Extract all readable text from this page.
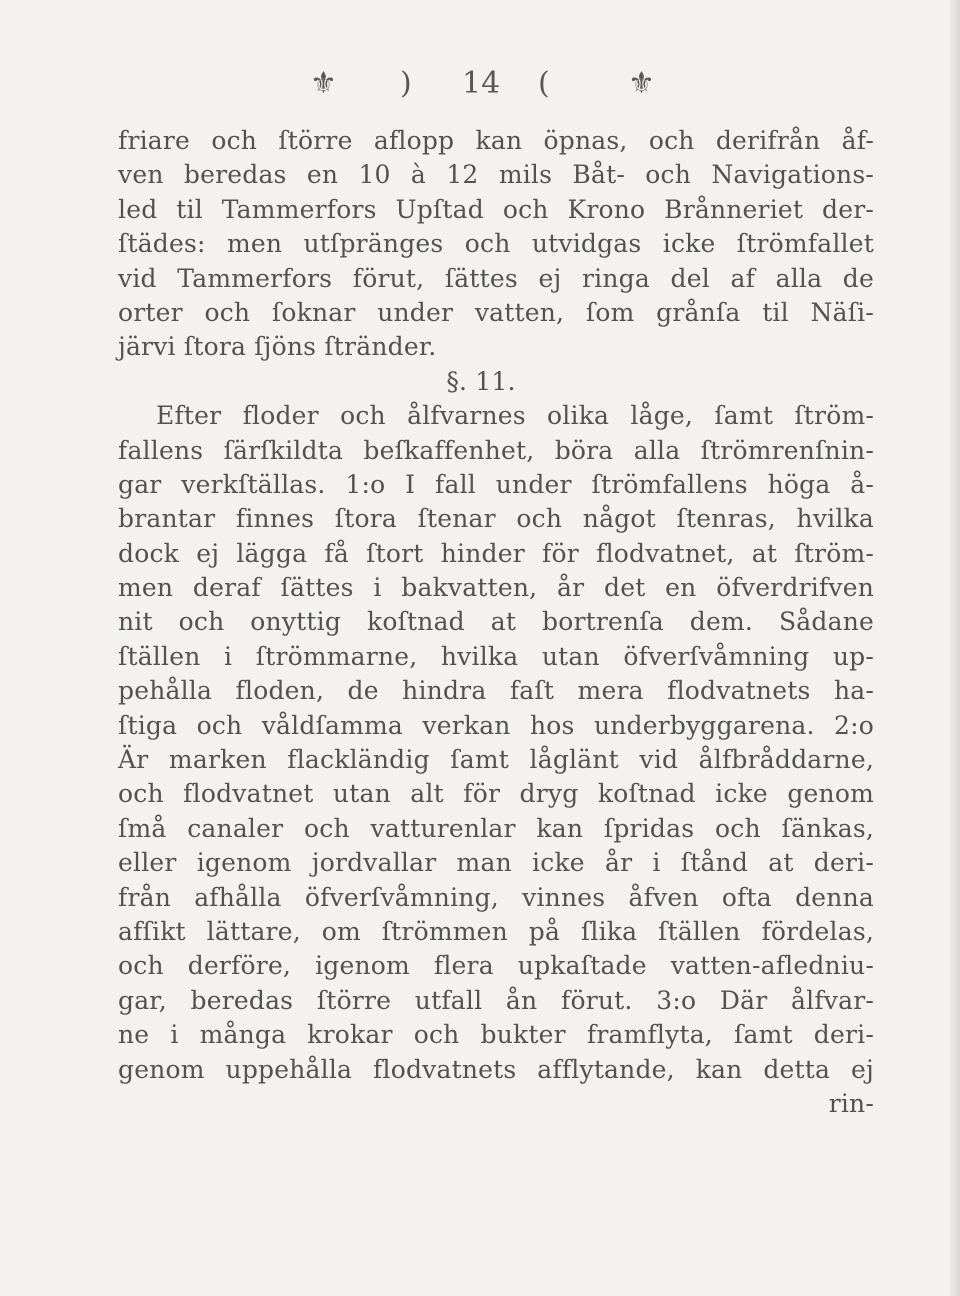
⚜ ) 14 (	⚜
friare och ſtörre aflopp kan öpnas, och derifrån åf-
ven beredas en 10 à 12 mils Båt- och Navigations-
led til Tammerfors Upſtad och Krono Brånneriet der-
ſtädes: men utſpränges och utvidgas icke ſtrömfallet
vid Tammerfors förut, ſättes ej ringa del af alla de
orter och ſoknar under vatten, ſom grånſa til Näſi-
järvi ſtora ſjöns ſtränder.
§. 11.
Efter floder och ålfvarnes olika låge, ſamt ſtröm-
fallens ſärſkildta beſkaffenhet, böra alla ſtrömrenſnin-
gar verkſtällas. 1:o I fall under ſtrömfallens höga å-
brantar finnes ſtora ſtenar och något ſtenras, hvilka
dock ej lägga få ſtort hinder för flodvatnet, at ſtröm-
men deraf ſättes i bakvatten, år det en öfverdrifven
nit och onyttig koſtnad at bortrenſa dem. Sådane
ſtällen i ſtrömmarne, hvilka utan öfverſvåmning up-
pehålla floden, de hindra faſt mera flodvatnets ha-
ſtiga och våldſamma verkan hos underbyggarena. 2:o
Är marken flackländig ſamt låglänt vid ålfbråddarne,
och flodvatnet utan alt för dryg koſtnad icke genom
ſmå canaler och vatturenlar kan ſpridas och ſänkas,
eller igenom jordvallar man icke år i ſtånd at deri-
från afhålla öfverſvåmning, vinnes åfven ofta denna
afſikt lättare, om ſtrömmen på ſlika ſtällen fördelas,
och derföre, igenom flera upkaſtade vatten-afledniu-
gar, beredas ſtörre utfall ån förut. 3:o Där ålfvar-
ne i många krokar och bukter framflyta, ſamt deri-
genom uppehålla flodvatnets afflytande, kan detta ej
rin-
